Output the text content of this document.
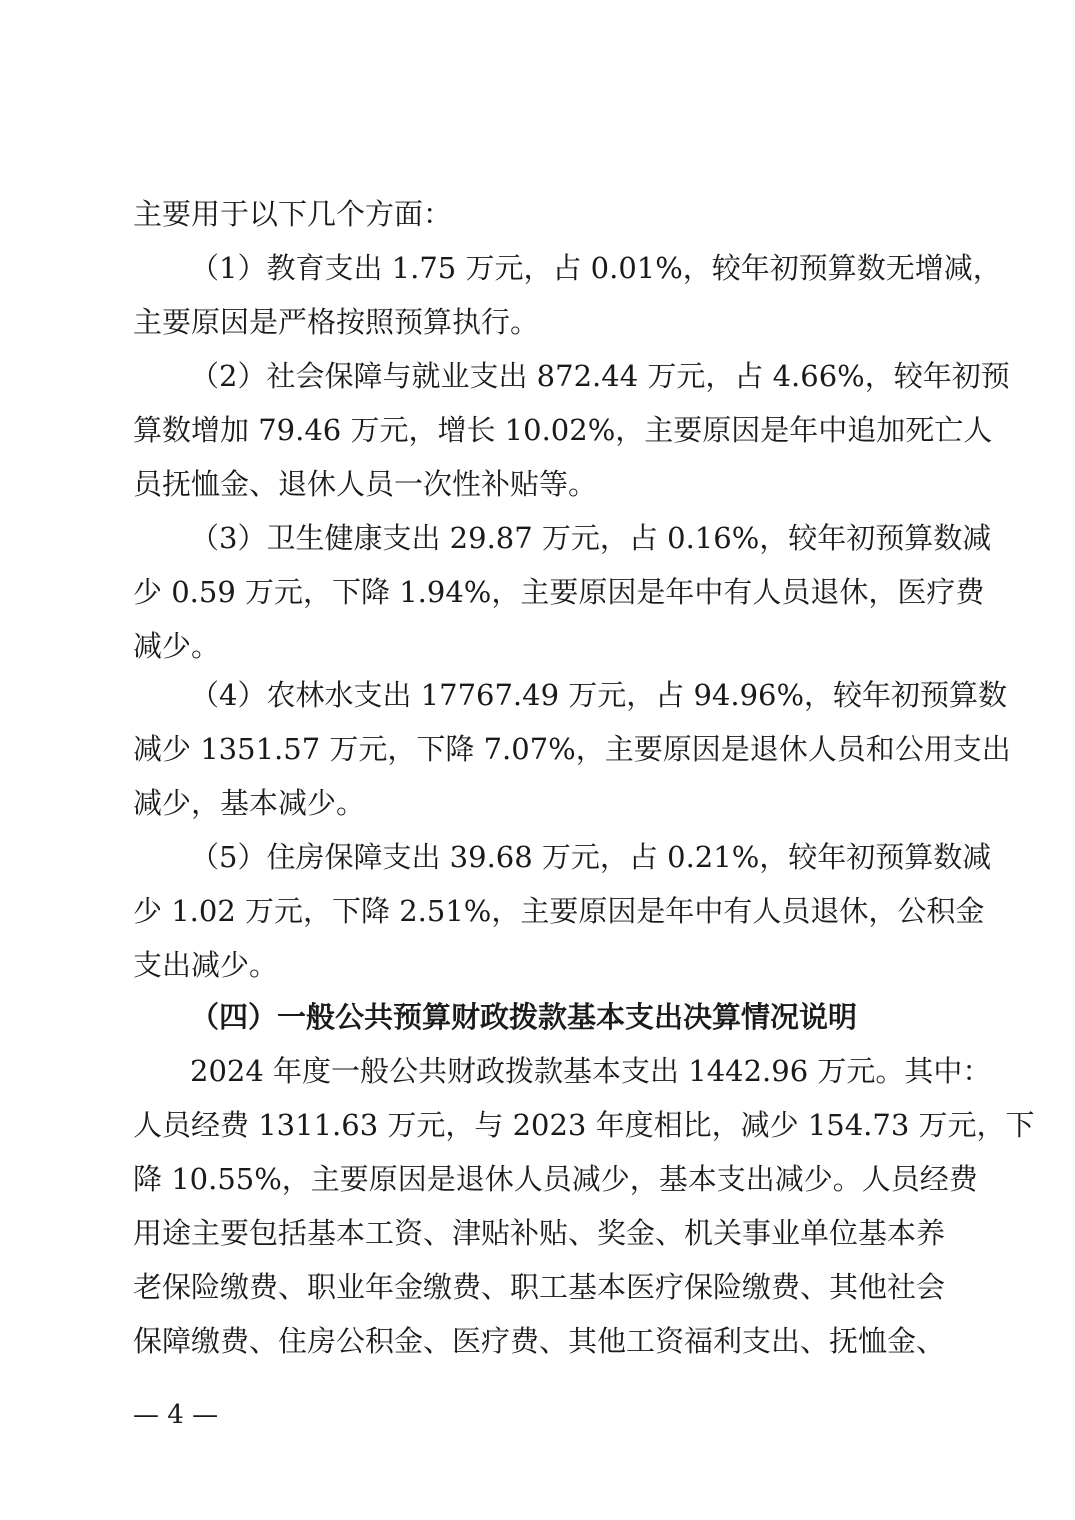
主要用于以下几个方面：
（1）教育支出 1.75 万元，占 0.01%，较年初预算数无增减，
主要原因是严格按照预算执行。
（2）社会保障与就业支出 872.44 万元，占 4.66%，较年初预
算数增加 79.46 万元，增长 10.02%，主要原因是年中追加死亡人
员抚恤金、退休人员一次性补贴等。
（3）卫生健康支出 29.87 万元，占 0.16%，较年初预算数减
少 0.59 万元，下降 1.94%，主要原因是年中有人员退休，医疗费
减少。
（4）农林水支出 17767.49 万元，占 94.96%，较年初预算数
减少 1351.57 万元，下降 7.07%，主要原因是退休人员和公用支出
减少，基本减少。
（5）住房保障支出 39.68 万元，占 0.21%，较年初预算数减
少 1.02 万元，下降 2.51%，主要原因是年中有人员退休，公积金
支出减少。
（四）一般公共预算财政拨款基本支出决算情况说明
2024 年度一般公共财政拨款基本支出 1442.96 万元。其中：
人员经费 1311.63 万元，与 2023 年度相比，减少 154.73 万元，下
降 10.55%，主要原因是退休人员减少，基本支出减少。人员经费
用途主要包括基本工资、津贴补贴、奖金、机关事业单位基本养
老保险缴费、职业年金缴费、职工基本医疗保险缴费、其他社会
保障缴费、住房公积金、医疗费、其他工资福利支出、抚恤金、
— 4 —
